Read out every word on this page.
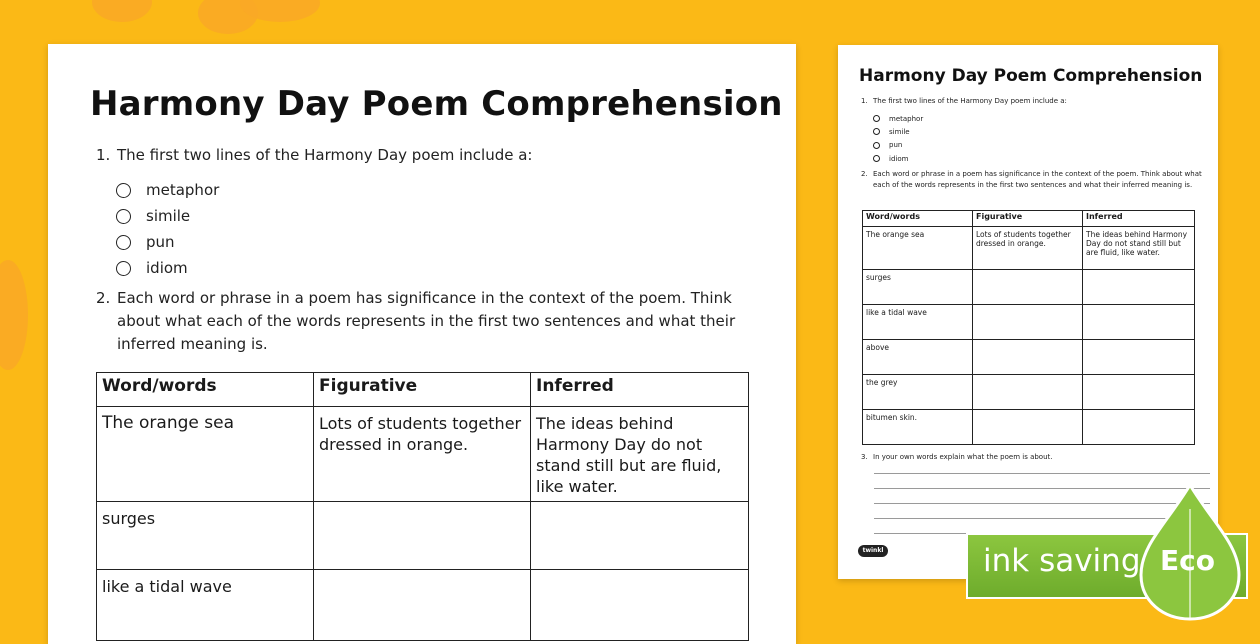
Harmony Day Poem Comprehension
1. The first two lines of the Harmony Day poem include a:
metaphor
simile
pun
idiom
2. Each word or phrase in a poem has significance in the context of the poem. Think about what each of the words represents in the first two sentences and what their inferred meaning is.
Word/words	Figurative	Inferred
The orange sea	Lots of students together dressed in orange.	The ideas behind Harmony Day do not stand still but are fluid, like water.
surges		
like a tidal wave		
Harmony Day Poem Comprehension
1. The first two lines of the Harmony Day poem include a:
metaphor
simile
pun
idiom
2. Each word or phrase in a poem has significance in the context of the poem. Think about what each of the words represents in the first two sentences and what their inferred meaning is.
Word/words	Figurative	Inferred
The orange sea	Lots of students together dressed in orange.	The ideas behind Harmony Day do not stand still but are fluid, like water.
surges		
like a tidal wave		
above		
the grey		
bitumen skin.		
3. In your own words explain what the poem is about.
twinkl	ink saving Eco
